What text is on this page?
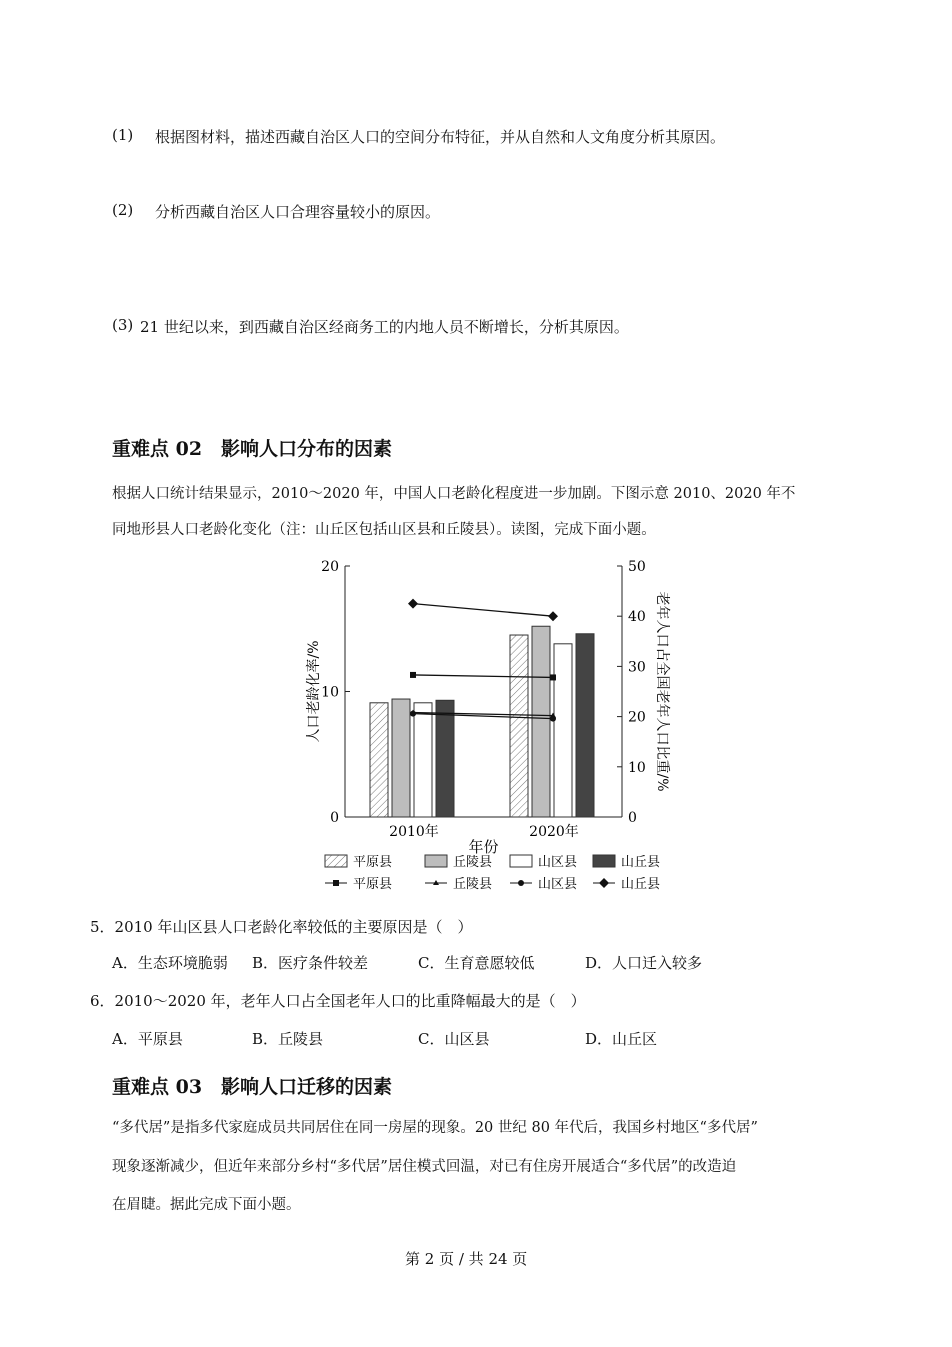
(1) 根据图材料，描述西藏自治区人口的空间分布特征，并从自然和人文角度分析其原因。
(2) 分析西藏自治区人口合理容量较小的原因。
(3) 21 世纪以来，到西藏自治区经商务工的内地人员不断增长，分析其原因。
重难点 02　影响人口分布的因素
根据人口统计结果显示，2010～2020 年，中国人口老龄化程度进一步加剧。下图示意 2010、2020 年不
同地形县人口老龄化变化（注：山丘区包括山区县和丘陵县）。读图，完成下面小题。
0
10
20
0
10
20
30
40
50
人口老龄化率/%	老年人口占全国老年人口比重/%
2010年	2020年
年份
平原县	丘陵县	山区县	山丘县
平原县	丘陵县	山区县	山丘县
5．2010 年山区县人口老龄化率较低的主要原因是（　）
A．生态环境脆弱 B．医疗条件较差	C．生育意愿较低	D．人口迁入较多
6．2010～2020 年，老年人口占全国老年人口的比重降幅最大的是（　）
A．平原县	B．丘陵县	C．山区县	D．山丘区
重难点 03　影响人口迁移的因素
“多代居”是指多代家庭成员共同居住在同一房屋的现象。20 世纪 80 年代后，我国乡村地区“多代居”
现象逐渐减少，但近年来部分乡村“多代居”居住模式回温，对已有住房开展适合“多代居”的改造迫
在眉睫。据此完成下面小题。
第 2 页 / 共 24 页
